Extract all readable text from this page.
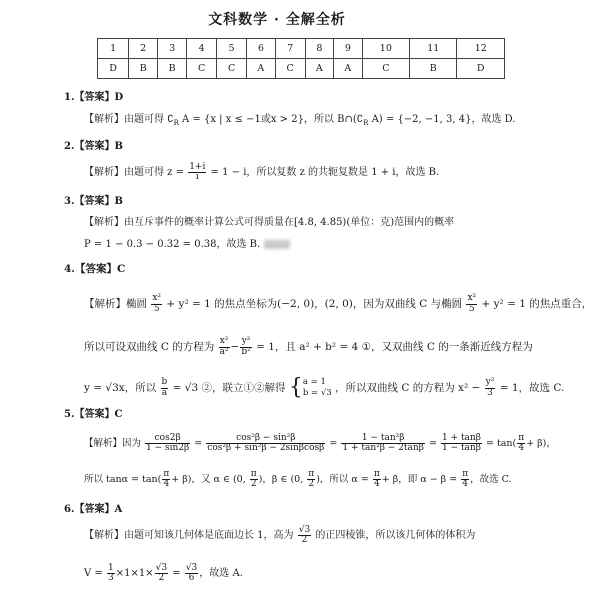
文科数学 · 全解全析
1	2	3	4	5	6	7	8	9	10	11	12
D	B	B	C	C	A	C	A	A	C	B	D
1.【答案】D
【解析】由题可得 $∁_R$ A = {x | x ≤ −1或x > 2}，所以 $B\cap(∁_R$ A) = {−2, −1, 3, 4}，故选 D.
2.【答案】B
【解析】由题可得 $z = \frac{1+i}{i} = 1 - i$，所以复数 z 的共轭复数是 1 + i，故选 B.
3.【答案】B
【解析】由互斥事件的概率计算公式可得质量在[4.8, 4.85)(单位：克)范围内的概率
P = 1 − 0.3 − 0.32 = 0.38，故选 B.
4.【答案】C
【解析】椭圆 $\frac{\text{x²}}{5} + y^2 = 1$ 的焦点坐标为(−2, 0)，(2, 0)，因为双曲线 C 与椭圆 $\frac{\text{x²}}{5} + y^2 = 1$ 的焦点重合，
所以可设双曲线 C 的方程为 $\frac{\text{x²}}{\text{a²}} - \frac{\text{y²}}{\text{b²}} = 1$，且 a² + b² = 4 ①，又双曲线 C 的一条渐近线方程为
y = √3x，所以 $\frac{b}{a} = √3$ ②，联立①②解得 {a = 1
b = √3 ，所以双曲线 C 的方程为 $x^2 - \frac{\text{y²}}{3} = 1$，故选 C.
5.【答案】C
【解析】因为 $\frac{\cos 2\beta}{1 - \sin 2\beta} = \frac{\text{cos²β − sin²β}}{\text{cos²β + sin²β − 2sinβcosβ}} = \frac{\text{1 − tan²β}}{\text{1 + tan²β − 2tanβ}} = \frac{1 + \tan\beta}{1 - \tan\beta} = \tan( \frac{\pi}{4} + \beta)$，
所以 $\tan\alpha = \tan( \frac{\pi}{4} + \beta)$，又 α ∈ (0, $\frac{\pi}{2}$ )，β ∈ (0, $\frac{\pi}{2}$ )，所以 $\alpha = \frac{\pi}{4} + \beta$，即 $\alpha - \beta = \frac{\pi}{4}$ ，故选 C.
6.【答案】A
【解析】由题可知该几何体是底面边长 1，高为 $\frac{√3}{2}$ 的正四棱锥，所以该几何体的体积为
$V = \frac{1}{3} \times 1\times 1\times \frac{√3}{2} = \frac{√3}{6}$ ，故选 A.
